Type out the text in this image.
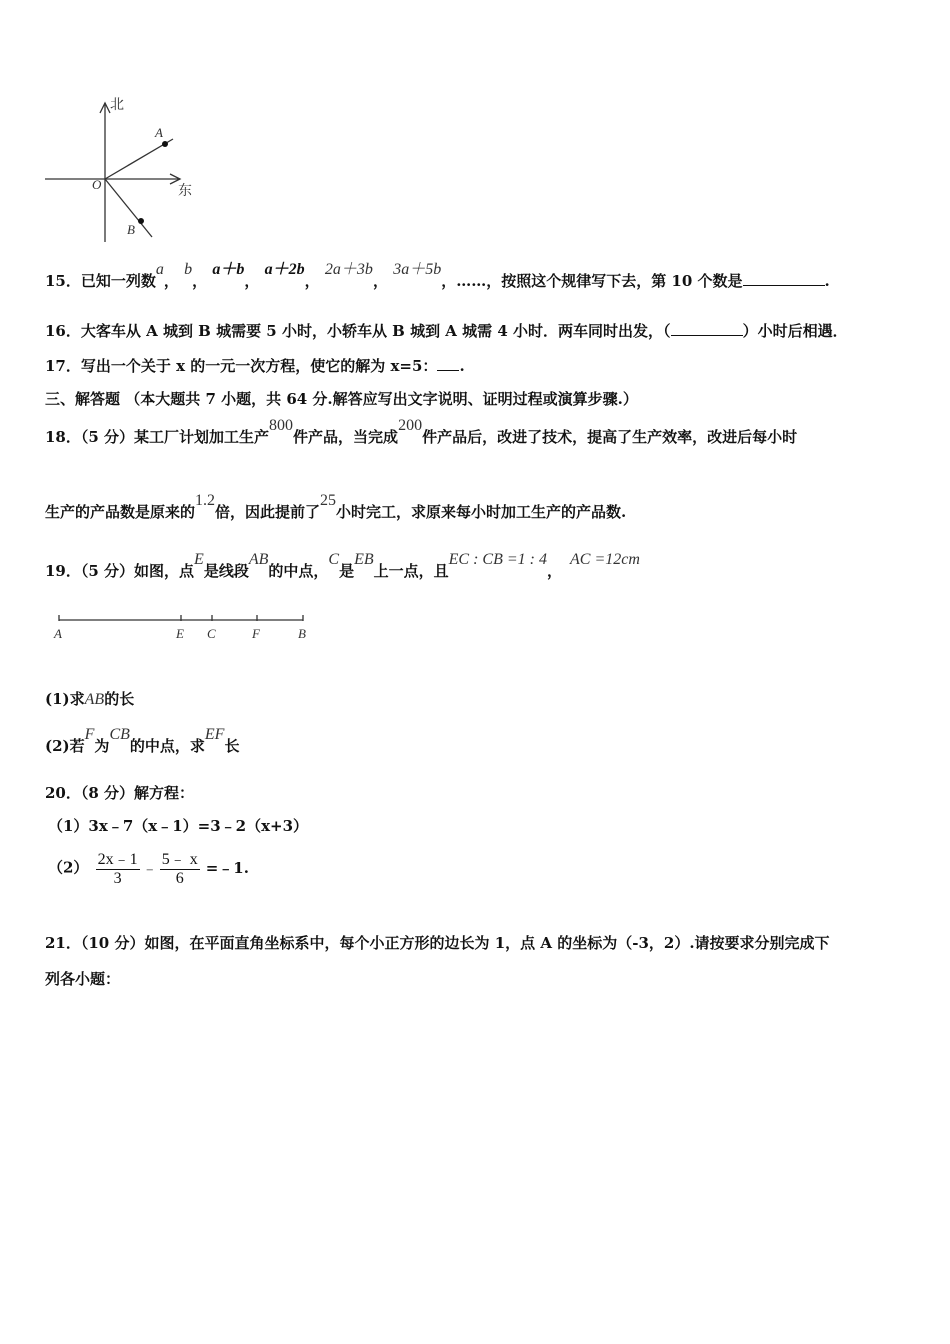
北
东
O
A
B
15．已知一列数a， b， a＋b， a＋2b， 2a＋3b， 3a＋5b，……，按照这个规律写下去，第 10 个数是	.
16．大客车从 A 城到 B 城需要 5 小时，小轿车从 B 城到 A 城需 4 小时．两车同时出发，（	）小时后相遇．
17．写出一个关于 x 的一元一次方程，使它的解为 x=5： .
三、解答题 （本大题共 7 小题，共 64 分.解答应写出文字说明、证明过程或演算步骤.）
18．（5 分）某工厂计划加工生产800件产品，当完成200件产品后，改进了技术，提高了生产效率，改进后每小时
生产的产品数是原来的1.2倍，因此提前了25小时完工，求原来每小时加工生产的产品数.
19．（5 分）如图，点E是线段AB的中点，C是EB上一点，且EC : CB =1 : 4，AC =12cm
A	E C	F	B
(1)求AB的长
(2)若F为CB的中点，求EF长
20．（8 分）解方程：
（1）3x﹣7（x﹣1）=3﹣2（x+3）
$(2) \frac{2x﹣1}{3}$ ﹣ $\frac{5﹣ x}{6}$ =﹣1.
21．（10 分）如图，在平面直角坐标系中，每个小正方形的边长为 1，点 A 的坐标为（-3，2）.请按要求分别完成下
列各小题：
